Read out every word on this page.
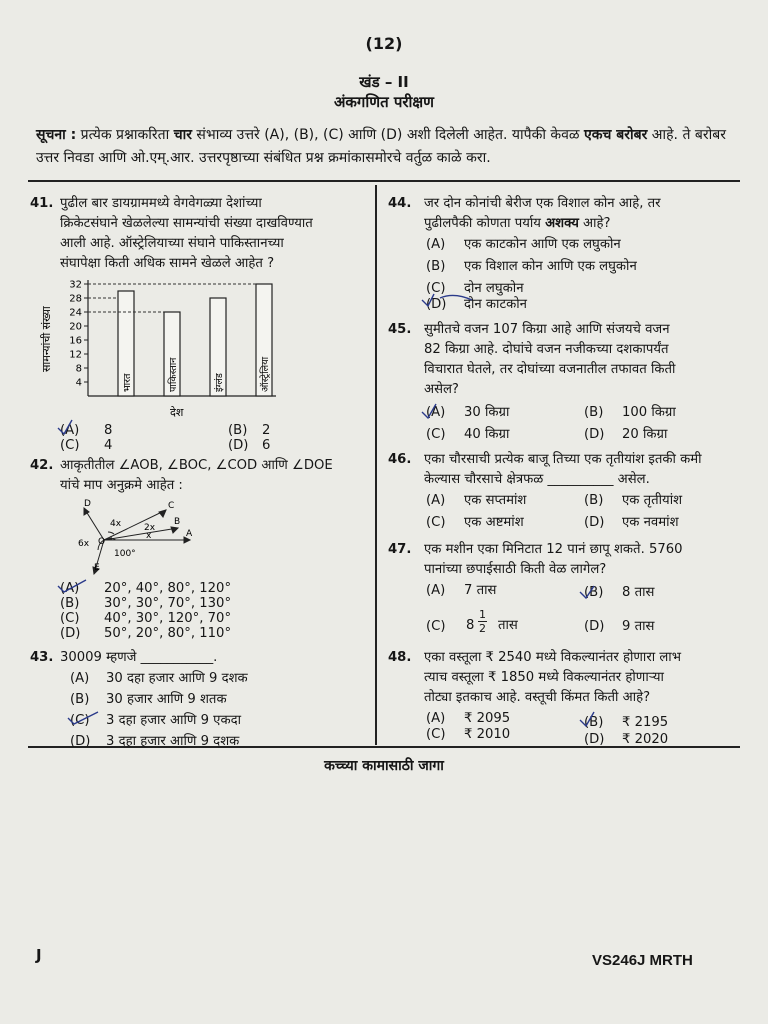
(12)
खंड – II
अंकगणित परीक्षण
सूचना : प्रत्येक प्रश्नाकरिता चार संभाव्य उत्तरे (A), (B), (C) आणि (D) अशी दिलेली आहेत. यापैकी केवळ एकच बरोबर आहे. ते बरोबर उत्तर निवडा आणि ओ.एम्.आर. उत्तरपृष्ठाच्या संबंधित प्रश्न क्रमांकासमोरचे वर्तुळ काळे करा.
41. पुढील बार डायग्राममध्ये वेगवेगळ्या देशांच्या
क्रिकेटसंघाने खेळलेल्या सामन्यांची संख्या दाखविण्यात
आली आहे. ऑस्ट्रेलियाच्या संघाने पाकिस्तानच्या
संघापेक्षा किती अधिक सामने खेळले आहेत ?
भारत	पाकिस्तान	इंग्लंड	ऑस्ट्रेलिया
4
8
12
16
20
24
28
32
सामन्यांची संख्या
देश
(A) 8	(B) 2
(C) 4	(D) 6
42. आकृतीतील ∠AOB, ∠BOC, ∠COD आणि ∠DOE
यांचे माप अनुक्रमे आहेत :
D	C
A
B
E
O
6x
4x	2x
x
100°
(A) 20°, 40°, 80°, 120°
(B) 30°, 30°, 70°, 130°
(C) 40°, 30°, 120°, 70°
(D) 50°, 20°, 80°, 110°
43. 30009 म्हणजे ___________.
(A) 30 दहा हजार आणि 9 दशक
(B) 30 हजार आणि 9 शतक
(C) 3 दहा हजार आणि 9 एकदा
(D) 3 दहा हजार आणि 9 दशक
44. जर दोन कोनांची बेरीज एक विशाल कोन आहे, तर
पुढीलपैकी कोणता पर्याय अशक्य आहे?
(A) एक काटकोन आणि एक लघुकोन
(B) एक विशाल कोन आणि एक लघुकोन
(C) दोन लघुकोन
(D) दोन काटकोन
45. सुमीतचे वजन 107 किग्रा आहे आणि संजयचे वजन
82 किग्रा आहे. दोघांचे वजन नजीकच्या दशकापर्यंत
विचारात घेतले, तर दोघांच्या वजनातील तफावत किती
असेल?
(A) 30 किग्रा	(B) 100 किग्रा
(C) 40 किग्रा	(D) 20 किग्रा
46. एका चौरसाची प्रत्येक बाजू तिच्या एक तृतीयांश इतकी कमी
केल्यास चौरसाचे क्षेत्रफळ __________ असेल.
(A) एक सप्तमांश	(B) एक तृतीयांश
(C) एक अष्टमांश	(D) एक नवमांश
47. एक मशीन एका मिनिटात 12 पानं छापू शकते. 5760
पानांच्या छपाईसाठी किती वेळ लागेल?
(A) 7 तास	(B) 8 तास
(C) 8
1
2 तास	(D) 9 तास
48. एका वस्तूला ₹ 2540 मध्ये विकल्यानंतर होणारा लाभ
त्याच वस्तूला ₹ 1850 मध्ये विकल्यानंतर होणाऱ्या
तोट्या इतकाच आहे. वस्तूची किंमत किती आहे?
(A) ₹ 2095	(B) ₹ 2195
(C) ₹ 2010	(D) ₹ 2020
कच्च्या कामासाठी जागा
J	VS246J MRTH
